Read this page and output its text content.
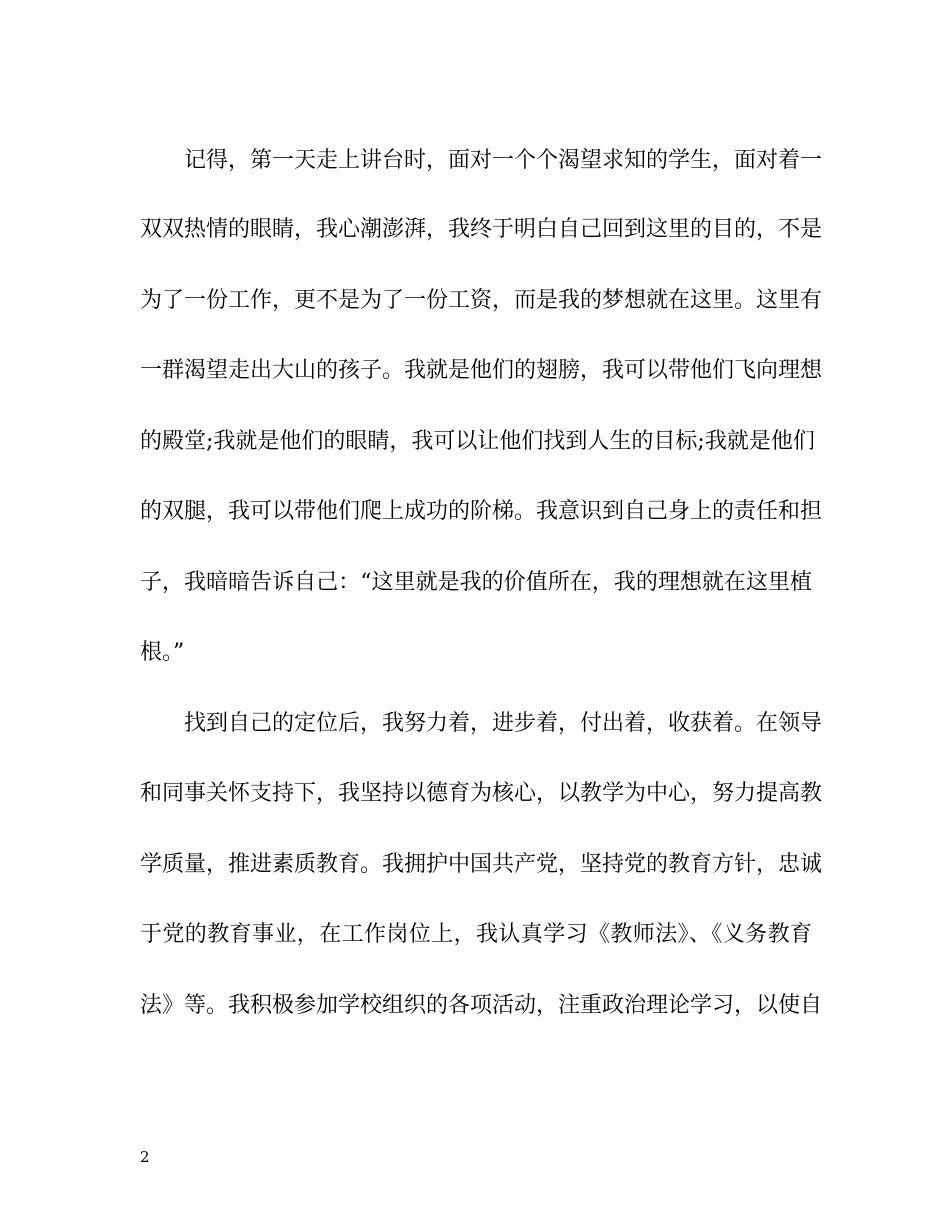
记得，第一天走上讲台时，面对一个个渴望求知的学生，面对着一
双双热情的眼睛，我心潮澎湃，我终于明白自己回到这里的目的，不是
为了一份工作，更不是为了一份工资，而是我的梦想就在这里。这里有
一群渴望走出大山的孩子。我就是他们的翅膀，我可以带他们飞向理想
的殿堂;我就是他们的眼睛，我可以让他们找到人生的目标;我就是他们
的双腿，我可以带他们爬上成功的阶梯。我意识到自己身上的责任和担
子，我暗暗告诉自己：“这里就是我的价值所在，我的理想就在这里植
根。”
找到自己的定位后，我努力着，进步着，付出着，收获着。在领导
和同事关怀支持下，我坚持以德育为核心，以教学为中心，努力提高教
学质量，推进素质教育。我拥护中国共产党，坚持党的教育方针，忠诚
于党的教育事业，在工作岗位上，我认真学习《教师法》、《义务教育
法》等。我积极参加学校组织的各项活动，注重政治理论学习，以使自
2
